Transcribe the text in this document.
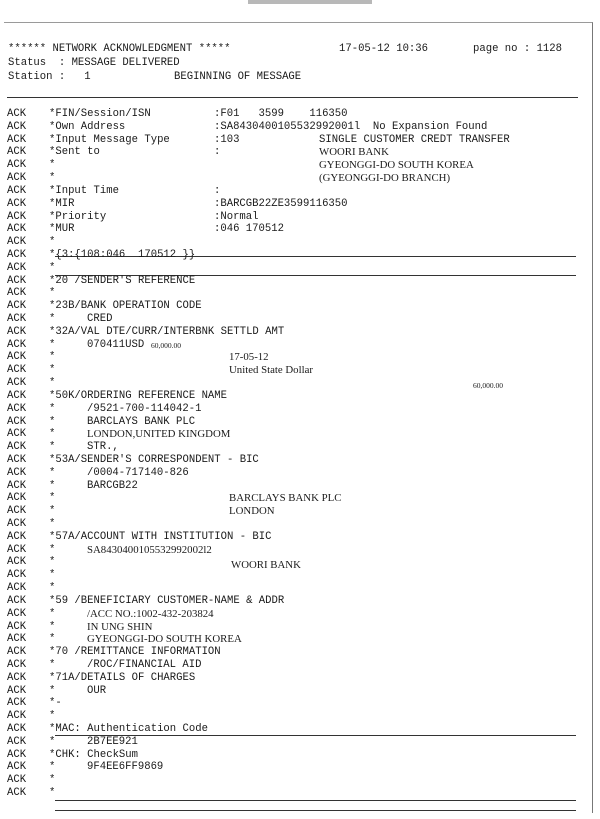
****** NETWORK ACKNOWLEDGMENT *****

	17-05-12 10:36

	page no : 1128

Status  : MESSAGE DELIVERED

Station :   1

	BEGINNING OF MESSAGE

ACK *FIN/Session/ISN	:F01   3599    116350
ACK *Own Address	:SA8430400105532992001l  No Expansion Found
ACK *Input Message Type	:103	SINGLE CUSTOMER CREDT TRANSFER
ACK *Sent to	:	WOORI BANK
ACK *	GYEONGGI-DO SOUTH KOREA
ACK *	(GYEONGGI-DO BRANCH)
ACK *Input Time	:
ACK *MIR	:BARCGB22ZE3599116350
ACK *Priority	:Normal
ACK *MUR	:046 170512
ACK *
ACK *{3:{108:046  170512 }}
ACK *
ACK *20 /SENDER'S REFERENCE
ACK *
ACK *23B/BANK OPERATION CODE
ACK *	CRED
ACK *32A/VAL DTE/CURR/INTERBNK SETTLD AMT
ACK *	070411USD 60,000.00
ACK *	17-05-12
ACK *	United State Dollar
ACK *	60,000.00
ACK *50K/ORDERING REFERENCE NAME
ACK *	/9521-700-114042-1
ACK *	BARCLAYS BANK PLC
ACK *	LONDON,UNITED KINGDOM
ACK *	STR.,
ACK *53A/SENDER'S CORRESPONDENT - BIC
ACK *	/0004-717140-826
ACK *	BARCGB22
ACK *	BARCLAYS BANK PLC
ACK *	LONDON
ACK *
ACK *57A/ACCOUNT WITH INSTITUTION - BIC
ACK *	SA8430400105532992002l2
ACK *	WOORI BANK
ACK *
ACK *
ACK *59 /BENEFICIARY CUSTOMER-NAME & ADDR
ACK *	/ACC NO.:1002-432-203824
ACK *	IN UNG SHIN
ACK *	GYEONGGI-DO SOUTH KOREA
ACK *70 /REMITTANCE INFORMATION
ACK *	/ROC/FINANCIAL AID
ACK *71A/DETAILS OF CHARGES
ACK *	OUR
ACK *-
ACK *
ACK *MAC: Authentication Code
ACK *	2B7EE921
ACK *CHK: CheckSum
ACK *	9F4EE6FF9869
ACK *
ACK *
